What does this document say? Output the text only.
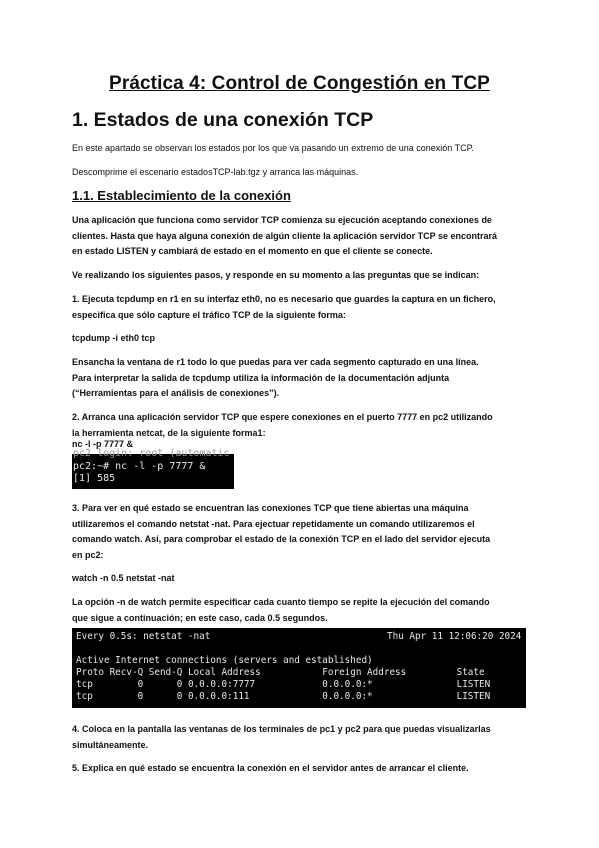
Práctica 4: Control de Congestión en TCP
1. Estados de una conexión TCP
En este apartado se observan los estados por los que va pasando un extremo de una conexión TCP.
Descomprime el escenario estadosTCP-lab.tgz y arranca las máquinas.
1.1. Establecimiento de la conexión
Una aplicación que funciona como servidor TCP comienza su ejecución aceptando conexiones de
clientes. Hasta que haya alguna conexión de algún cliente la aplicación servidor TCP se encontrará
en estado LISTEN y cambiará de estado en el momento en que el cliente se conecte.
Ve realizando los siguientes pasos, y responde en su momento a las preguntas que se indican:
1. Ejecuta tcpdump en r1 en su interfaz eth0, no es necesario que guardes la captura en un fichero,
especifica que sólo capture el tráfico TCP de la siguiente forma:
tcpdump -i eth0 tcp
Ensancha la ventana de r1 todo lo que puedas para ver cada segmento capturado en una línea.
Para interpretar la salida de tcpdump utiliza la información de la documentación adjunta
(“Herramientas para el análisis de conexiones”).
2. Arranca una aplicación servidor TCP que espere conexiones en el puerto 7777 en pc2 utilizando
la herramienta netcat, de la siguiente forma1:
nc -l -p 7777 &
pc2 login: root (automatic
pc2:~# nc -l -p 7777 &
[1] 585
3. Para ver en qué estado se encuentran las conexiones TCP que tiene abiertas una máquina
utilizaremos el comando netstat -nat. Para ejectuar repetidamente un comando utilizaremos el
comando watch. Así, para comprobar el estado de la conexión TCP en el lado del servidor ejecuta
en pc2:
watch -n 0.5 netstat -nat
La opción -n de watch permite especificar cada cuanto tiempo se repite la ejecución del comando
que sigue a continuación; en este caso, cada 0.5 segundos.
Every 0.5s: netstat -nat	Thu Apr 11 12:06:20 2024
Active Internet connections (servers and established)
Proto Recv-Q Send-Q Local Address           Foreign Address         State
tcp        0      0 0.0.0.0:7777            0.0.0.0:*               LISTEN
tcp        0      0 0.0.0.0:111             0.0.0.0:*               LISTEN
4. Coloca en la pantalla las ventanas de los terminales de pc1 y pc2 para que puedas visualizarlas
simultáneamente.
5. Explica en qué estado se encuentra la conexión en el servidor antes de arrancar el cliente.
